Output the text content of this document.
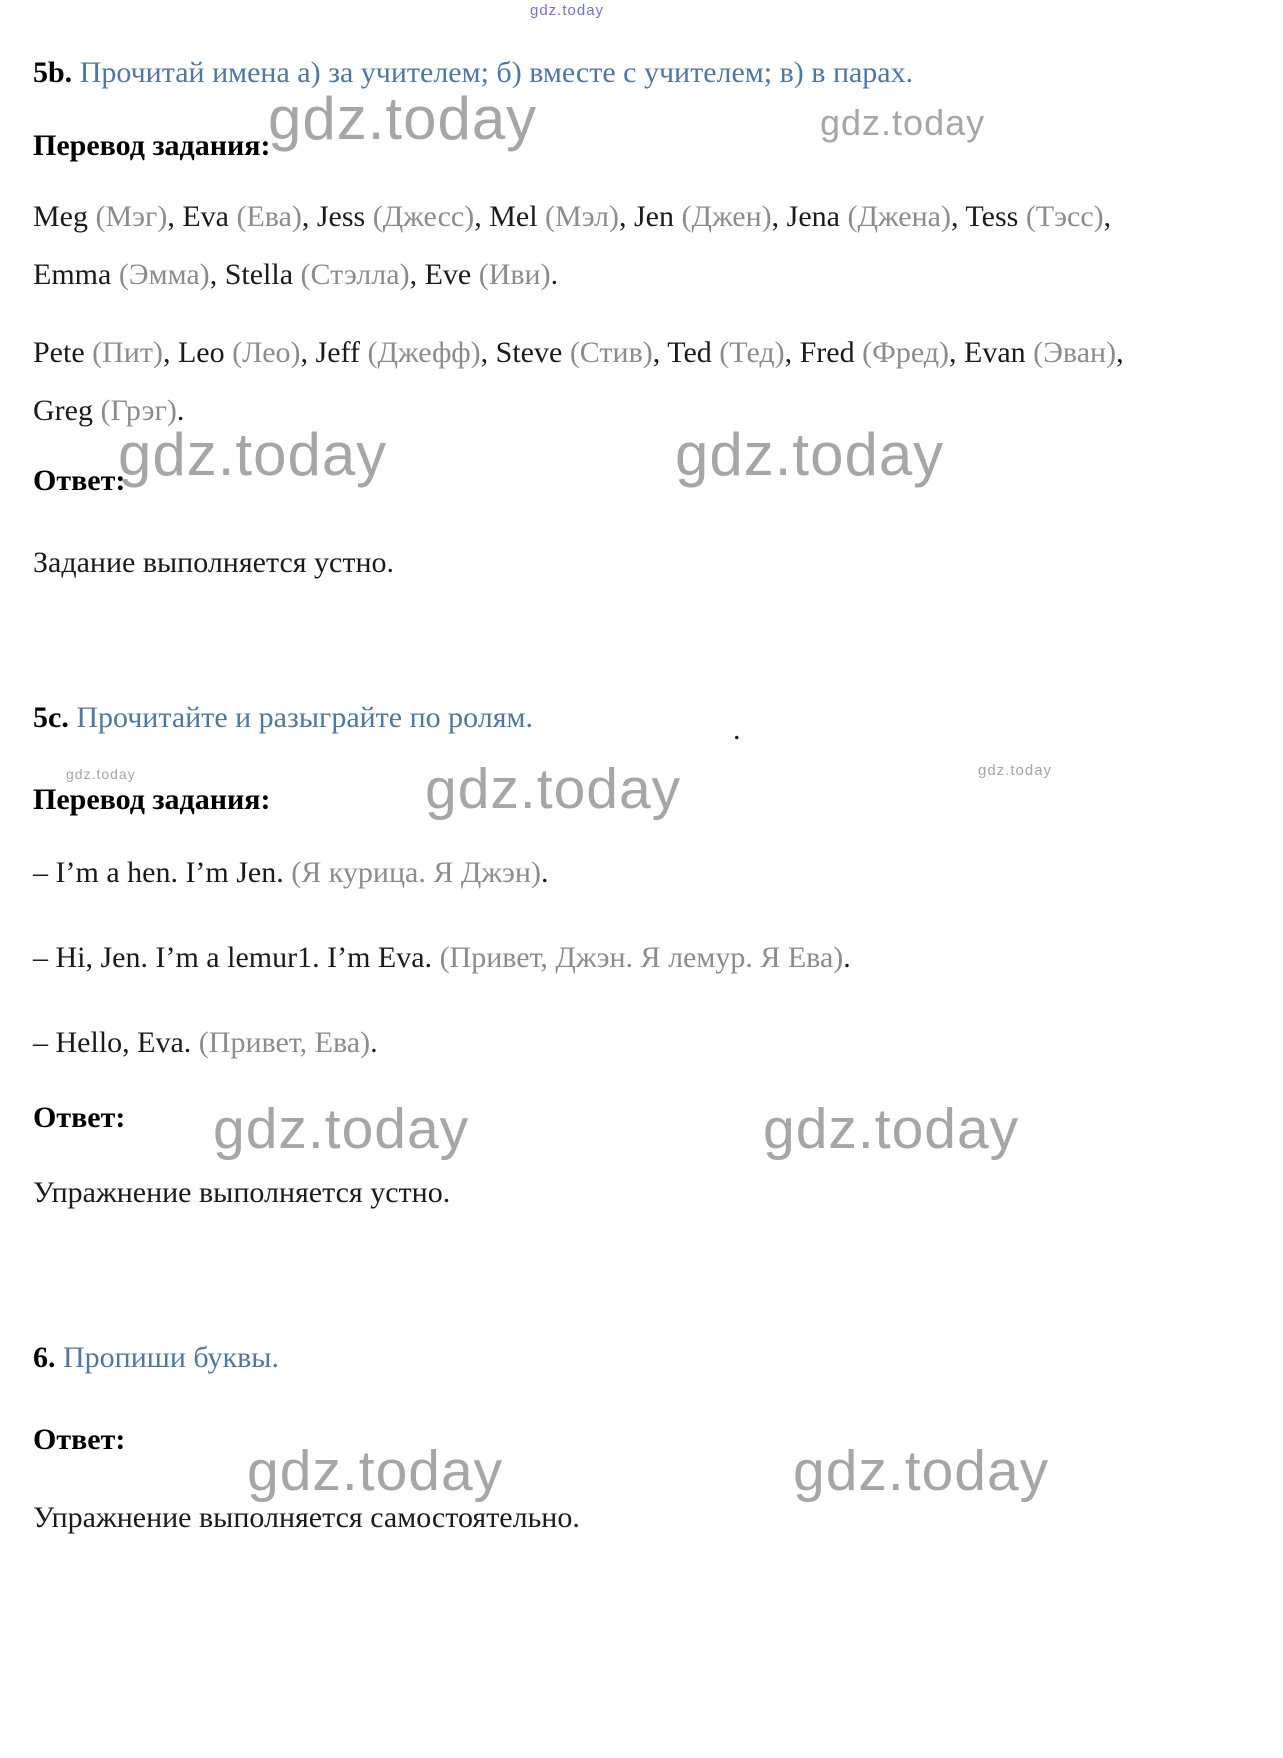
gdz.today
gdz.today	gdz.today
gdz.today	gdz.today
gdz.today	gdz.today
gdz.today
gdz.today	gdz.today
gdz.today	gdz.today
5b. Прочитай имена а) за учителем; б) вместе с учителем; в) в парах.
Перевод задания:
Meg (Мэг), Eva (Ева), Jess (Джесс), Mel (Мэл), Jen (Джен), Jena (Джена), Tess (Тэсс), Emma (Эмма), Stella (Стэлла), Eve (Иви).
Pete (Пит), Leo (Лео), Jeff (Джефф), Steve (Стив), Ted (Тед), Fred (Фред), Evan (Эван), Greg (Грэг).
Ответ:
Задание выполняется устно.
5c. Прочитайте и разыграйте по ролям.	.
Перевод задания:
– I’m a hen. I’m Jen. (Я курица. Я Джэн).
– Hi, Jen. I’m a lemur1. I’m Eva. (Привет, Джэн. Я лемур. Я Ева).
– Hello, Eva. (Привет, Ева).
Ответ:
Упражнение выполняется устно.
6. Пропиши буквы.
Ответ:
Упражнение выполняется самостоятельно.
